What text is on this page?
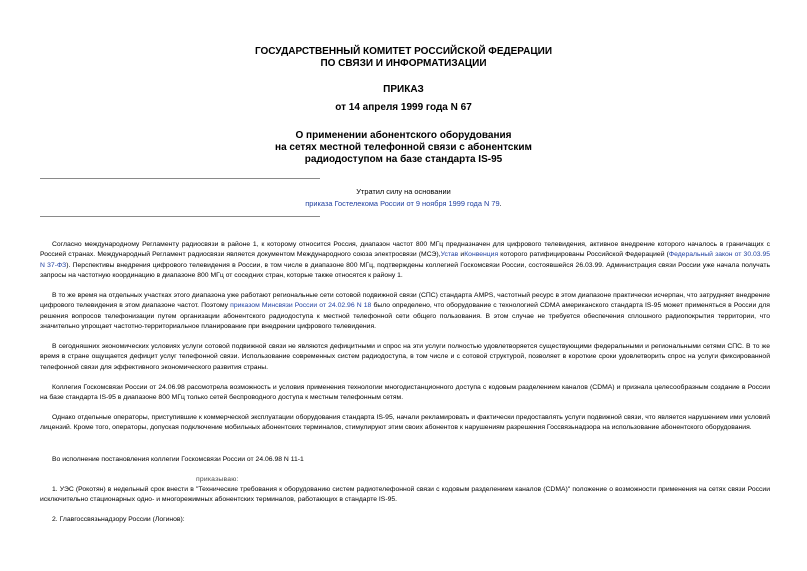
ГОСУДАРСТВЕННЫЙ КОМИТЕТ РОССИЙСКОЙ ФЕДЕРАЦИИ
ПО СВЯЗИ И ИНФОРМАТИЗАЦИИ
ПРИКАЗ
от 14 апреля 1999 года N 67
О применении абонентского оборудования
на сетях местной телефонной связи с абонентским
радиодоступом на базе стандарта IS-95
Утратил силу на основании
приказа Гостелекома России от 9 ноября 1999 года N 79.

Согласно международному Регламенту радиосвязи в районе 1, к которому относится Россия, диапазон частот 800 МГц предназначен для цифрового телевидения, активное внедрение которого началось в граничащих с Россией странах. Международный Регламент радиосвязи является документом Международного союза электросвязи (МСЭ),Устав иКонвенция которого ратифицированы Российской Федерацией (Федеральный закон от 30.03.95 N 37-ФЗ). Перспективы внедрения цифрового телевидения в России, в том числе в диапазоне 800 МГц, подтверждены коллегией Госкомсвязи России, состоявшейся 26.03.99. Администрация связи России уже начала получать запросы на частотную координацию в диапазоне 800 МГц от соседних стран, которые также относятся к району 1.

В то же время на отдельных участках этого диапазона уже работают региональные сети сотовой подвижной связи (СПС) стандарта AMPS, частотный ресурс в этом диапазоне практически исчерпан, что затрудняет внедрение цифрового телевидения в этом диапазоне частот. Поэтому приказом Минсвязи России от 24.02.96 N 18 было определено, что оборудование с технологией CDMA американского стандарта IS-95 может применяться в России для решения вопросов телефонизации путем организации абонентского радиодоступа к местной телефонной сети общего пользования. В этом случае не требуется обеспечения сплошного радиопокрытия территории, что значительно упрощает частотно-территориальное планирование при внедрении цифрового телевидения.

В сегодняшних экономических условиях услуги сотовой подвижной связи не являются дефицитными и спрос на эти услуги полностью удовлетворяется существующими федеральными и региональными сетями СПС. В то же время в стране ощущается дефицит услуг телефонной связи. Использование современных систем радиодоступа, в том числе и с сотовой структурой, позволяет в короткие сроки удовлетворить спрос на услуги фиксированной телефонной связи для эффективного экономического развития страны.

Коллегия Госкомсвязи России от 24.06.98 рассмотрела возможность и условия применения технологии многодистанционного доступа с кодовым разделением каналов (CDMA) и признала целесообразным создание в России на базе стандарта IS-95 в диапазоне 800 МГц только сетей беспроводного доступа к местным телефонным сетям.

Однако отдельные операторы, приступившие к коммерческой эксплуатации оборудования стандарта IS-95, начали рекламировать и фактически предоставлять услуги подвижной связи, что является нарушением ими условий лицензий. Кроме того, операторы, допуская подключение мобильных абонентских терминалов, стимулируют этим своих абонентов к нарушениям разрешения Госсвязьнадзора на использование абонентского оборудования.

Во исполнение постановления коллегии Госкомсвязи России от 24.06.98 N 11-1

приказываю:

1. УЭС (Рокотян) в недельный срок внести в "Технические требования к оборудованию систем радиотелефонной связи с кодовым разделением каналов (CDMA)" положение о возможности применения на сетях связи России исключительно стационарных одно- и многорежимных абонентских терминалов, работающих в стандарте IS-95.

2. Главгоссвязьнадзору России (Логинов):
